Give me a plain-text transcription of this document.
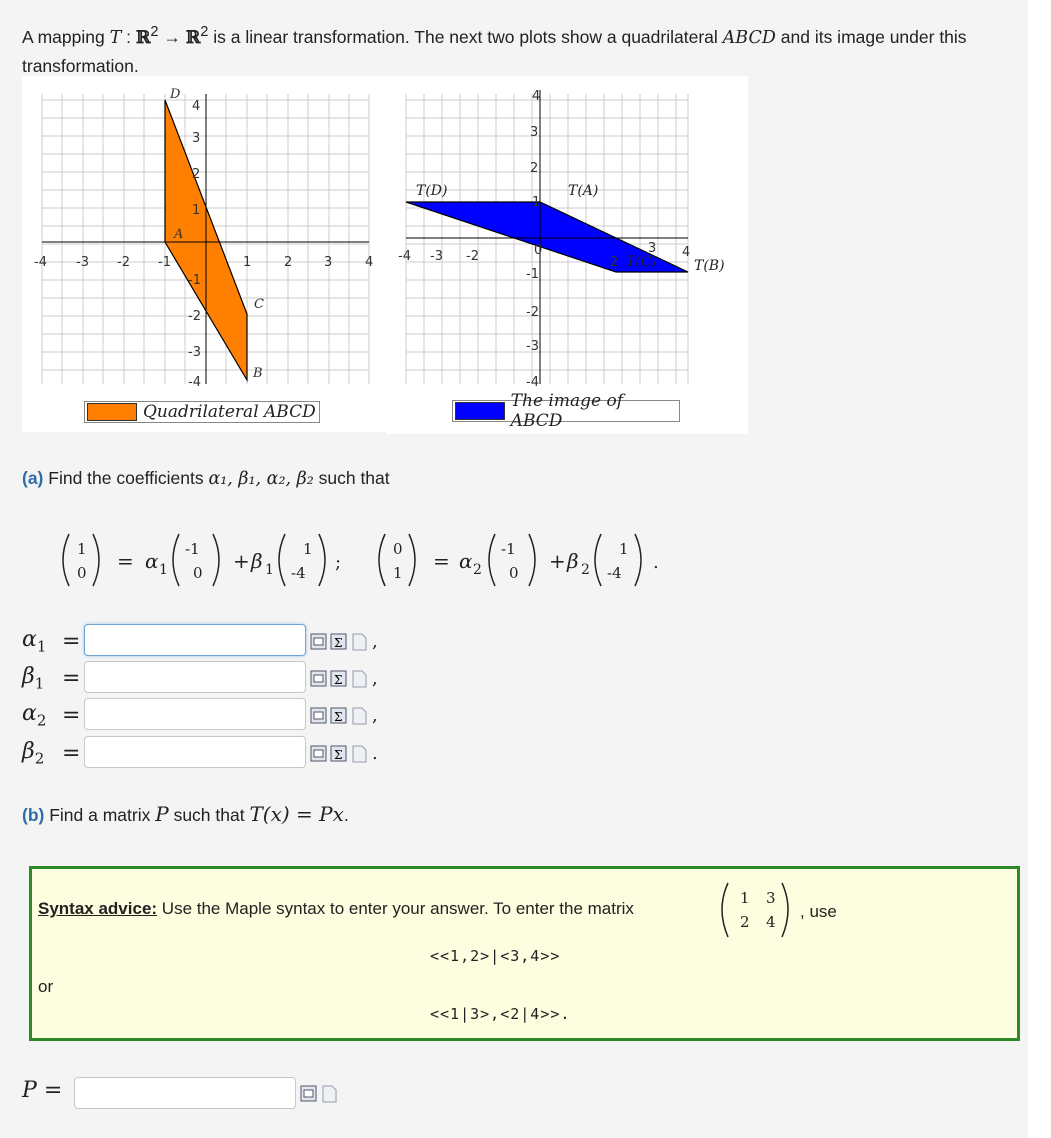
A mapping T : ℝ$^2$ → ℝ$^2$ is a linear transformation. The next two plots show a quadrilateral ABCD and its image under this transformation.
-4 -3 -2 -1	1	2 3	4
4
3
2
1
-1
-2
-3
-4
A
B
C
D
Quadrilateral ABCD
-4 -3 -2	2
3 4
4
3
2
1
-1
-2
-3
-4
0
T(D)	T(A)
T(C)	T(B)
The image of ABCD
(a) Find the coefficients α₁, β₁, α₂, β₂ such that
1
0 = α 1
-1
0 + β 1
1
-4 ;
0
1 = α 2
-1
0 + β 2
1
-4 .
$\alpha_1$ =	Σ ,
$\beta_1$ =	Σ ,
$\alpha_2$ =	Σ ,
$\beta_2$ =	Σ .
(b) Find a matrix P such that T(x) = Px.
Syntax advice: Use the Maple syntax to enter your answer. To enter the matrix
1 3
2 4
, use
<<1,2>|<3,4>>
or
<<1|3>,<2|4>>.
P =
